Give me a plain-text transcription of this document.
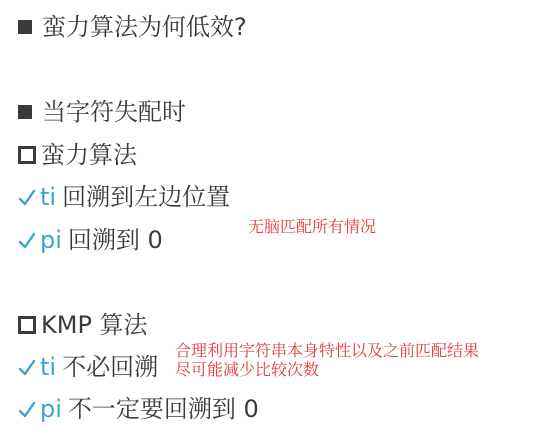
蛮力算法为何低效?
当字符失配时
蛮力算法
ti 回溯到左边位置
pi 回溯到 0	无脑匹配所有情况
KMP 算法
ti 不必回溯
合理利用字符串本身特性以及之前匹配结果
尽可能减少比较次数
pi 不一定要回溯到 0
